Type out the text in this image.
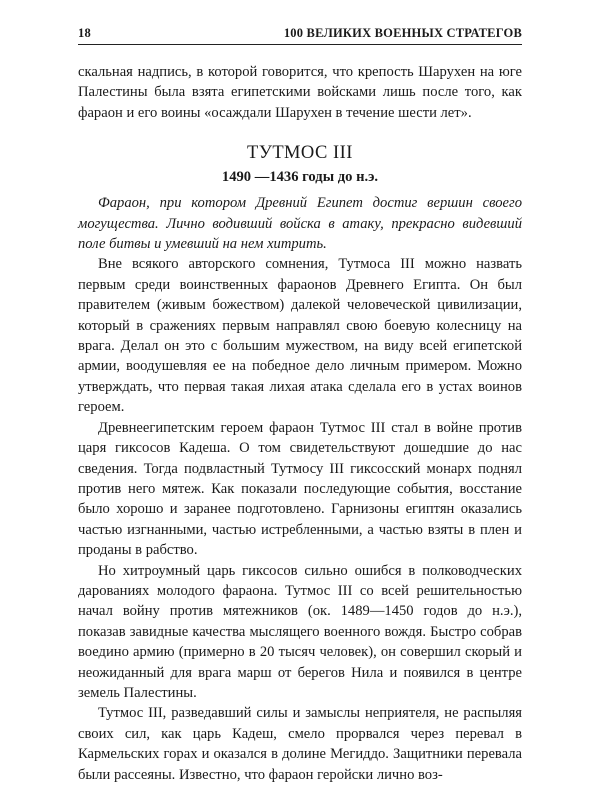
18	100 ВЕЛИКИХ ВОЕННЫХ СТРАТЕГОВ

скальная надпись, в которой говорится, что крепость Шарухен на юге Палестины была взята египетскими войсками лишь после того, как фараон и его воины «осаждали Шарухен в течение шести лет».

ТУТМОС III
1490 —1436 годы до н.э.

Фараон, при котором Древний Египет достиг вершин своего могущества. Лично водивший войска в атаку, прекрасно видевший поле битвы и умевший на нем хитрить.

Вне всякого авторского сомнения, Тутмоса III можно назвать первым среди воинственных фараонов Древнего Египта. Он был правителем (живым божеством) далекой человеческой цивилизации, который в сражениях первым направлял свою боевую колесницу на врага. Делал он это с большим мужеством, на виду всей египетской армии, воодушевляя ее на победное дело личным примером. Можно утверждать, что первая такая лихая атака сделала его в устах воинов героем.

Древнеегипетским героем фараон Тутмос III стал в войне против царя гиксосов Кадеша. О том свидетельствуют дошедшие до нас сведения. Тогда подвластный Тутмосу III гиксосский монарх поднял против него мятеж. Как показали последующие события, восстание было хорошо и заранее подготовлено. Гарнизоны египтян оказались частью изгнанными, частью истребленными, а частью взяты в плен и проданы в рабство.

Но хитроумный царь гиксосов сильно ошибся в полководческих дарованиях молодого фараона. Тутмос III со всей решительностью начал войну против мятежников (ок. 1489—1450 годов до н.э.), показав завидные качества мыслящего военного вождя. Быстро собрав воедино армию (примерно в 20 тысяч человек), он совершил скорый и неожиданный для врага марш от берегов Нила и появился в центре земель Палестины.

Тутмос III, разведавший силы и замыслы неприятеля, не распыляя своих сил, как царь Кадеш, смело прорвался через перевал в Кармельских горах и оказался в долине Мегиддо. Защитники перевала были рассеяны. Известно, что фараон геройски лично воз-
